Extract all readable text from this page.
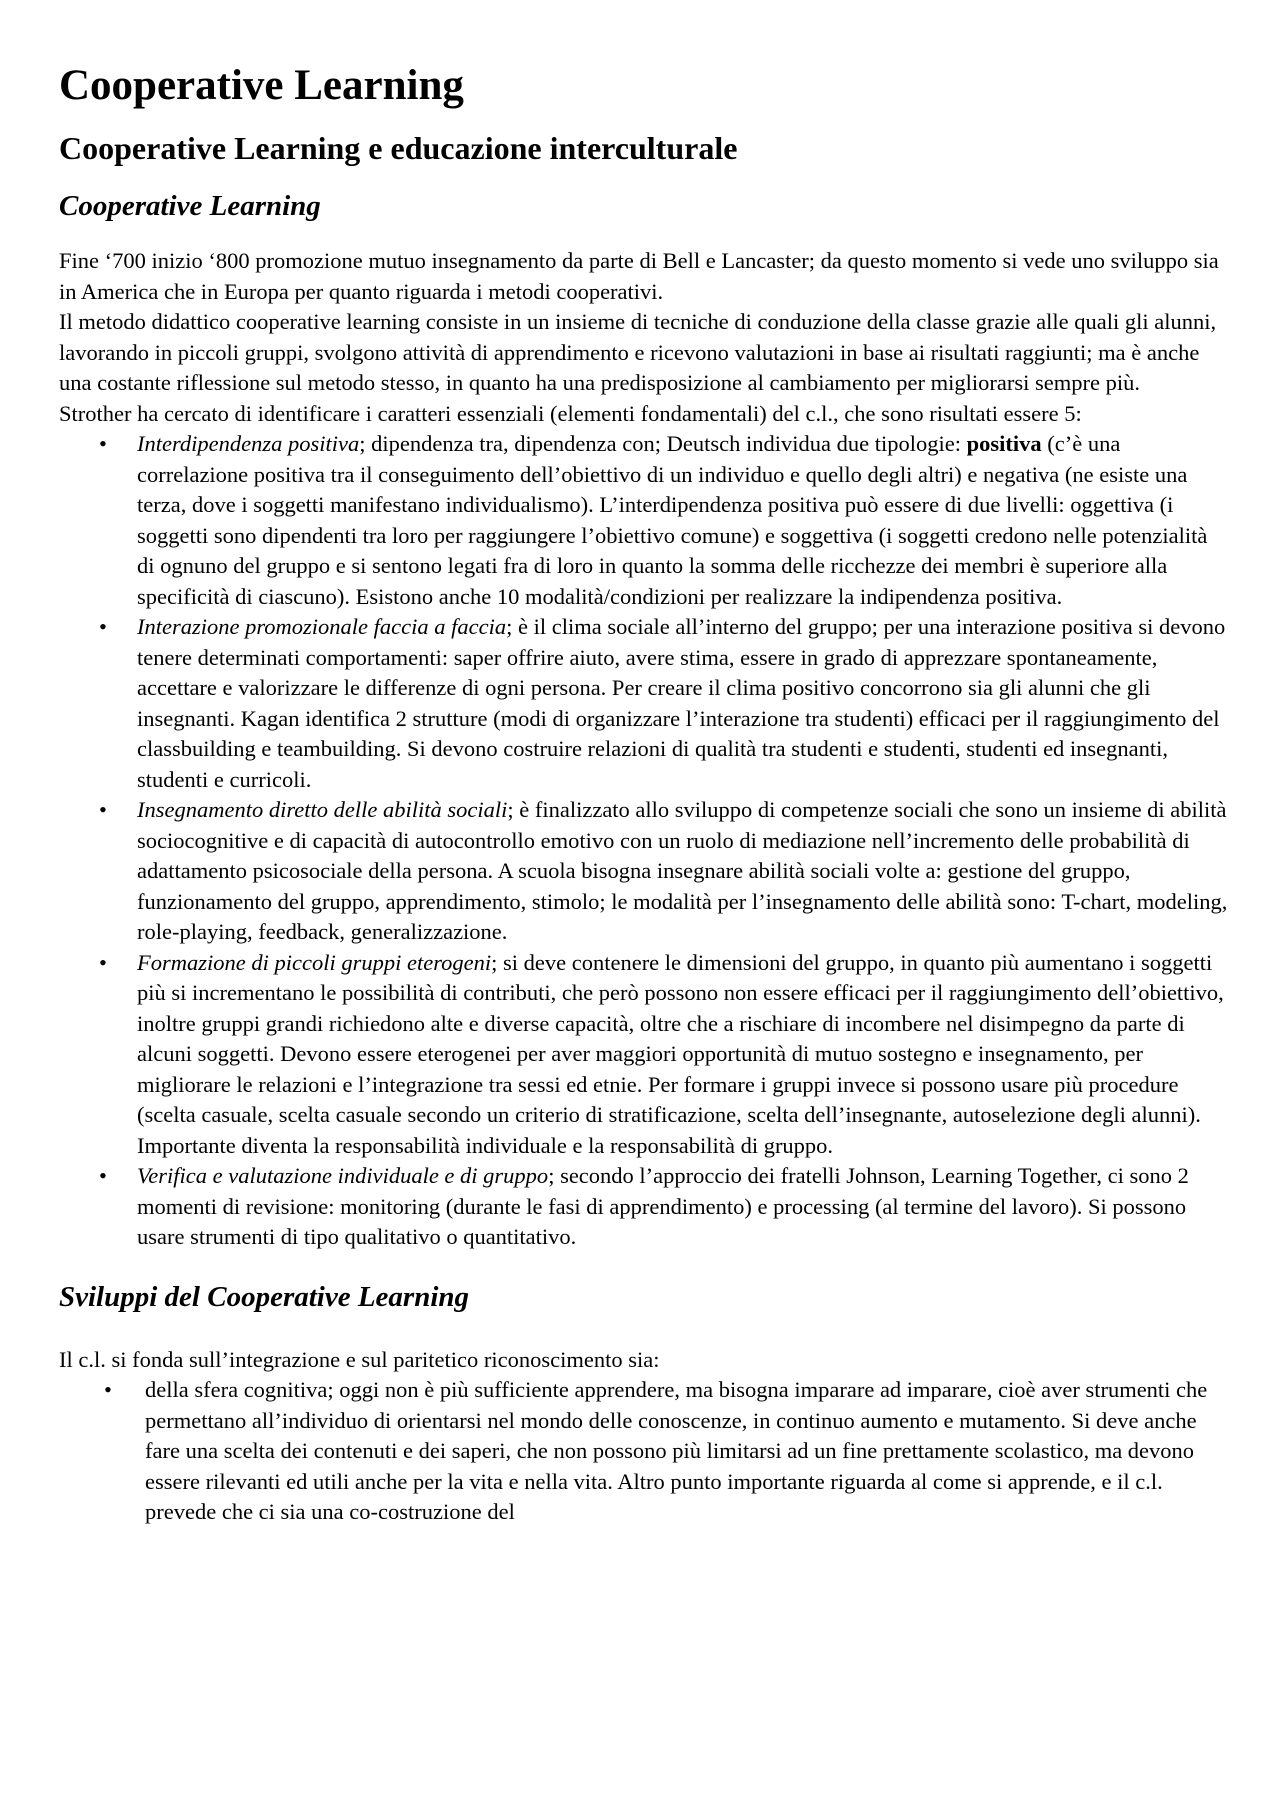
Cooperative Learning
Cooperative Learning e educazione interculturale
Cooperative Learning

Fine ‘700 inizio ‘800 promozione mutuo insegnamento da parte di Bell e Lancaster; da questo momento si vede uno sviluppo sia in America che in Europa per quanto riguarda i metodi cooperativi.

Il metodo didattico cooperative learning consiste in un insieme di tecniche di conduzione della classe grazie alle quali gli alunni, lavorando in piccoli gruppi, svolgono attività di apprendimento e ricevono valutazioni in base ai risultati raggiunti; ma è anche una costante riflessione sul metodo stesso, in quanto ha una predisposizione al cambiamento per migliorarsi sempre più.

Strother ha cercato di identificare i caratteri essenziali (elementi fondamentali) del c.l., che sono risultati essere 5:

• Interdipendenza positiva; dipendenza tra, dipendenza con; Deutsch individua due tipologie: positiva (c’è una correlazione positiva tra il conseguimento dell’obiettivo di un individuo e quello degli altri) e negativa (ne esiste una terza, dove i soggetti manifestano individualismo). L’interdipendenza positiva può essere di due livelli: oggettiva (i soggetti sono dipendenti tra loro per raggiungere l’obiettivo comune) e soggettiva (i soggetti credono nelle potenzialità di ognuno del gruppo e si sentono legati fra di loro in quanto la somma delle ricchezze dei membri è superiore alla specificità di ciascuno). Esistono anche 10 modalità/condizioni per realizzare la indipendenza positiva.
• Interazione promozionale faccia a faccia; è il clima sociale all’interno del gruppo; per una interazione positiva si devono tenere determinati comportamenti: saper offrire aiuto, avere stima, essere in grado di apprezzare spontaneamente, accettare e valorizzare le differenze di ogni persona. Per creare il clima positivo concorrono sia gli alunni che gli insegnanti. Kagan identifica 2 strutture (modi di organizzare l’interazione tra studenti) efficaci per il raggiungimento del classbuilding e teambuilding. Si devono costruire relazioni di qualità tra studenti e studenti, studenti ed insegnanti, studenti e curricoli.
• Insegnamento diretto delle abilità sociali; è finalizzato allo sviluppo di competenze sociali che sono un insieme di abilità sociocognitive e di capacità di autocontrollo emotivo con un ruolo di mediazione nell’incremento delle probabilità di adattamento psicosociale della persona. A scuola bisogna insegnare abilità sociali volte a: gestione del gruppo, funzionamento del gruppo, apprendimento, stimolo; le modalità per l’insegnamento delle abilità sono: T-chart, modeling, role-playing, feedback, generalizzazione.
• Formazione di piccoli gruppi eterogeni; si deve contenere le dimensioni del gruppo, in quanto più aumentano i soggetti più si incrementano le possibilità di contributi, che però possono non essere efficaci per il raggiungimento dell’obiettivo, inoltre gruppi grandi richiedono alte e diverse capacità, oltre che a rischiare di incombere nel disimpegno da parte di alcuni soggetti. Devono essere eterogenei per aver maggiori opportunità di mutuo sostegno e insegnamento, per migliorare le relazioni e l’integrazione tra sessi ed etnie. Per formare i gruppi invece si possono usare più procedure (scelta casuale, scelta casuale secondo un criterio di stratificazione, scelta dell’insegnante, autoselezione degli alunni). Importante diventa la responsabilità individuale e la responsabilità di gruppo.
• Verifica e valutazione individuale e di gruppo; secondo l’approccio dei fratelli Johnson, Learning Together, ci sono 2 momenti di revisione: monitoring (durante le fasi di apprendimento) e processing (al termine del lavoro). Si possono usare strumenti di tipo qualitativo o quantitativo.
Sviluppi del Cooperative Learning

Il c.l. si fonda sull’integrazione e sul paritetico riconoscimento sia:

• della sfera cognitiva; oggi non è più sufficiente apprendere, ma bisogna imparare ad imparare, cioè aver strumenti che permettano all’individuo di orientarsi nel mondo delle conoscenze, in continuo aumento e mutamento. Si deve anche fare una scelta dei contenuti e dei saperi, che non possono più limitarsi ad un fine prettamente scolastico, ma devono essere rilevanti ed utili anche per la vita e nella vita. Altro punto importante riguarda al come si apprende, e il c.l. prevede che ci sia una co-costruzione del
